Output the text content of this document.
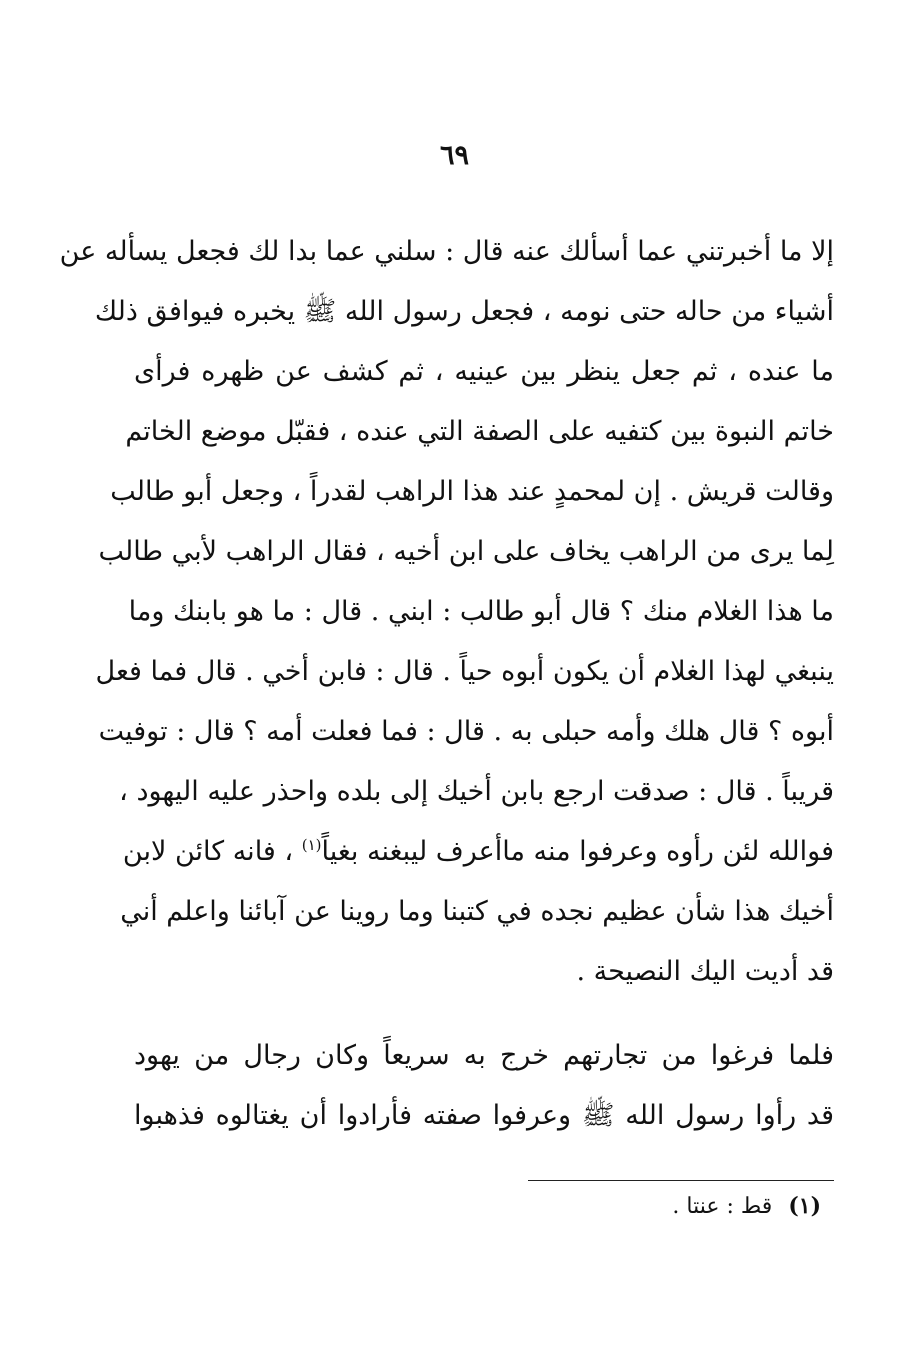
٦٩
إلا ما أخبرتني عما أسألك عنه قال : سلني عما بدا لك فجعل يسأله عن
أشياء من حاله حتى نومه ، فجعل رسول الله ﷺ يخبره فيوافق ذلك
ما عنده ، ثم جعل ينظر بين عينيه ، ثم كشف عن ظهره فرأى
خاتم النبوة بين كتفيه على الصفة التي عنده ، فقبّل موضع الخاتم
وقالت قريش . إن لمحمدٍ عند هذا الراهب لقدراً ، وجعل أبو طالب
لِما يرى من الراهب يخاف على ابن أخيه ، فقال الراهب لأبي طالب
ما هذا الغلام منك ؟ قال أبو طالب : ابني . قال : ما هو بابنك وما
ينبغي لهذا الغلام أن يكون أبوه حياً . قال : فابن أخي . قال فما فعل
أبوه ؟ قال هلك وأمه حبلى به . قال : فما فعلت أمه ؟ قال : توفيت
قريباً . قال : صدقت ارجع بابن أخيك إلى بلده واحذر عليه اليهود ،
فوالله لئن رأوه وعرفوا منه ماأعرف ليبغنه بغياً$^{(١)}$ ، فانه كائن لابن
أخيك هذا شأن عظيم نجده في كتبنا وما روينا عن آبائنا واعلم أني
قد أديت اليك النصيحة .
فلما فرغوا من تجارتهم خرج به سريعاً وكان رجال من يهود
قد رأوا رسول الله ﷺ وعرفوا صفته فأرادوا أن يغتالوه فذهبوا
(١)قط : عنتا .
